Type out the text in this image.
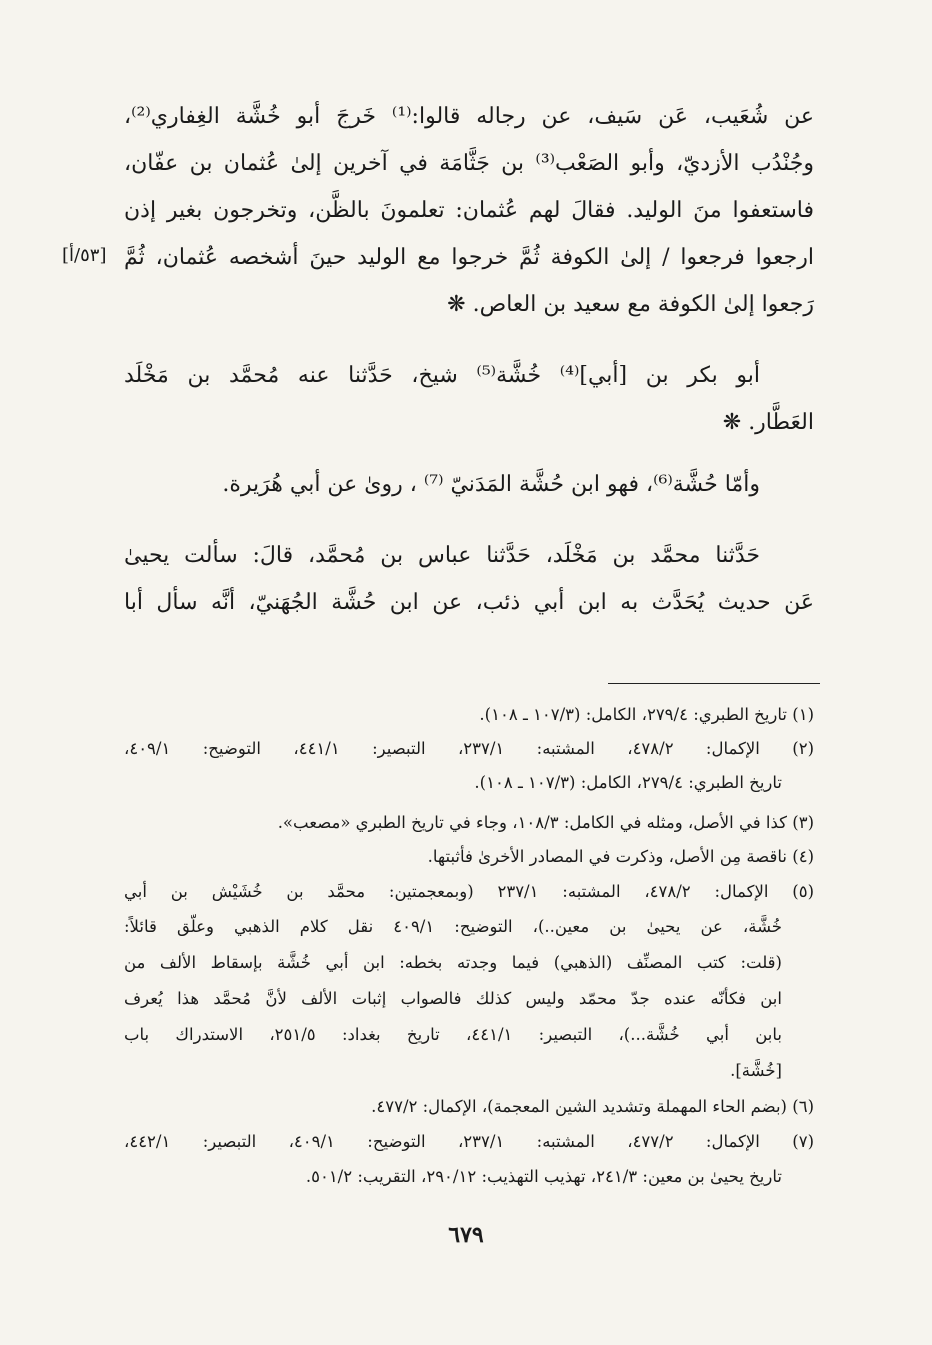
عن شُعَيب، عَن سَيف، عن رجاله قالوا:⁽¹⁾ خَرجَ أبو خُشَّة الغِفاري⁽²⁾،
وجُنْدُب الأزديّ، وأبو الصَعْب⁽³⁾ بن جَثَّامَة في آخرين إلىٰ عُثمان بن عفّان،
فاستعفوا منَ الوليد. فقالَ لهم عُثمان: تعلمونَ بالظَّن، وتخرجون بغير إذن
ارجعوا فرجعوا / إلىٰ الكوفة ثُمَّ خرجوا مع الوليد حينَ أشخصه عُثمان، ثُمَّ
رَجعوا إلىٰ الكوفة مع سعيد بن العاص. ❋
[٥٣/أ]
أبو بكر بن [أبي]⁽⁴⁾ خُشَّة⁽⁵⁾ شيخ، حَدَّثنا عنه مُحمَّد بن مَخْلَد
العَطَّار. ❋
وأمّا حُشَّة⁽⁶⁾، فهو ابن حُشَّة المَدَنيّ ⁽⁷⁾ ، روىٰ عن أبي هُرَيرة.
حَدَّثنا محمَّد بن مَخْلَد، حَدَّثنا عباس بن مُحمَّد، قالَ: سألت يحيىٰ
عَن حديث يُحَدَّث به ابن أبي ذئب، عن ابن حُشَّة الجُهَنيّ، أنَّه سأل أبا
(١) تاريخ الطبري: ٢٧٩/٤، الكامل: (١٠٧/٣ ـ ١٠٨).
(٢) الإكمال: ٤٧٨/٢، المشتبه: ٢٣٧/١، التبصير: ٤٤١/١، التوضيح: ٤٠٩/١،
تاريخ الطبري: ٢٧٩/٤، الكامل: (١٠٧/٣ ـ ١٠٨).
(٣) كذا في الأصل، ومثله في الكامل: ١٠٨/٣، وجاء في تاريخ الطبري «مصعب».
(٤) ناقصة مِن الأصل، وذكرت في المصادر الأخرىٰ فأثبتها.
(٥) الإكمال: ٤٧٨/٢، المشتبه: ٢٣٧/١ (وبمعجمتين: محمَّد بن خُشَيْش بن أبي
خُشَّة، عن يحيىٰ بن معين..)، التوضيح: ٤٠٩/١ نقل كلام الذهبي وعلّق قائلاً:
(قلت: كتب المصنِّف (الذهبي) فيما وجدته بخطه: ابن أبي خُشَّة بإسقاط الألف من
ابن فكأنّه عنده جدّ محمّد وليس كذلك فالصواب إثبات الألف لأنَّ مُحمَّد هذا يُعرف
بابن أبي خُشَّة...)، التبصير: ٤٤١/١، تاريخ بغداد: ٢٥١/٥، الاستدراك باب
[خُشَّة].
(٦) (بضم الحاء المهملة وتشديد الشين المعجمة)، الإكمال: ٤٧٧/٢.
(٧) الإكمال: ٤٧٧/٢، المشتبه: ٢٣٧/١، التوضيح: ٤٠٩/١، التبصير: ٤٤٢/١،
تاريخ يحيىٰ بن معين: ٢٤١/٣، تهذيب التهذيب: ٢٩٠/١٢، التقريب: ٥٠١/٢.
٦٧٩
